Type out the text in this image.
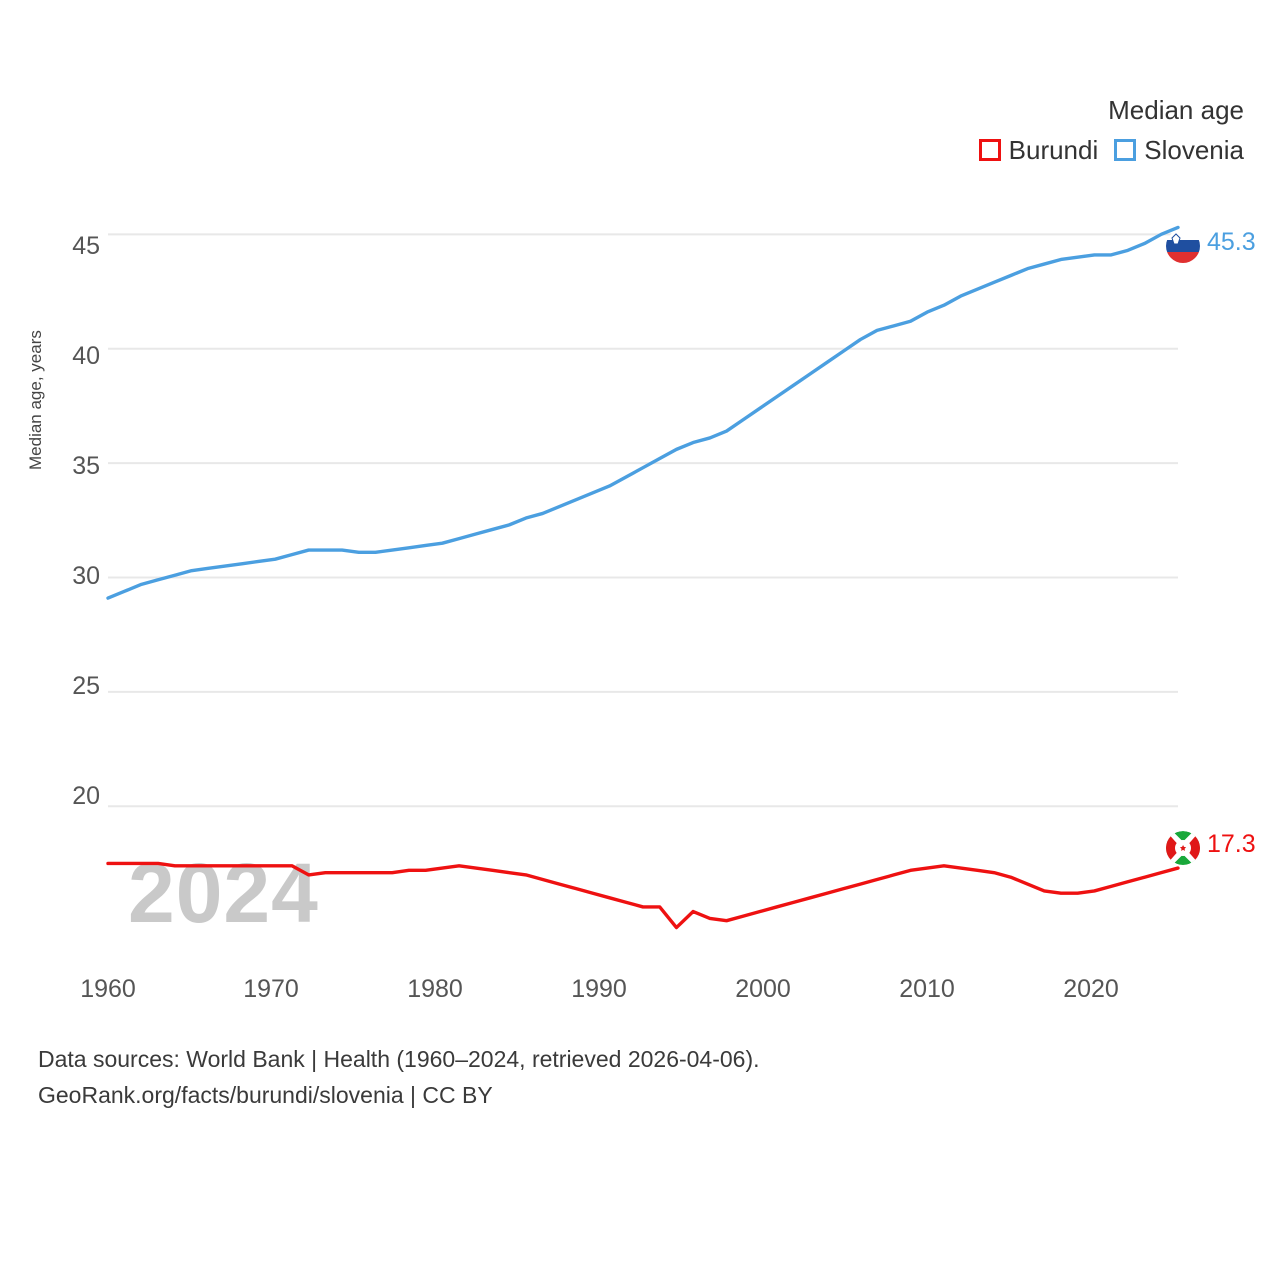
Median age
Burundi Slovenia
Median age, years
2024
45
40
35
30
25
20
1960	1970	1980	1990	2000	2010	2020
45.3
17.3
Data sources: World Bank | Health (1960–2024, retrieved 2026-04-06).
GeoRank.org/facts/burundi/slovenia | CC BY
